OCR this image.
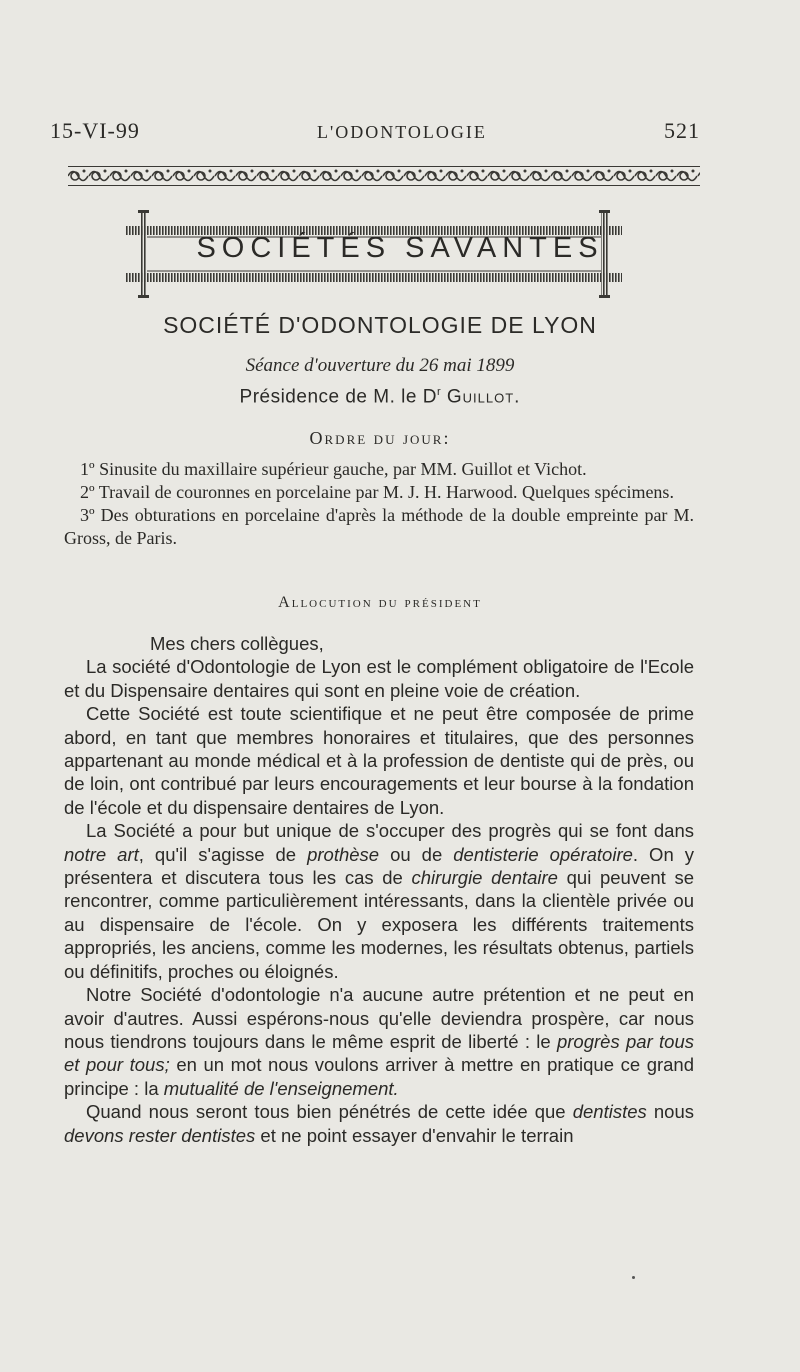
15-VI-99	L'ODONTOLOGIE	521
SOCIÉTÉS SAVANTES
SOCIÉTÉ D'ODONTOLOGIE DE LYON
Séance d'ouverture du 26 mai 1899
Présidence de M. le $D^r$ Guillot.
Ordre du jour:

1º Sinusite du maxillaire supérieur gauche, par MM. Guillot et Vichot.

2º Travail de couronnes en porcelaine par M. J. H. Harwood. Quelques spécimens.

3º Des obturations en porcelaine d'après la méthode de la double empreinte par M. Gross, de Paris.

Allocution du président

Mes chers collègues,

La société d'Odontologie de Lyon est le complément obligatoire de l'Ecole et du Dispensaire dentaires qui sont en pleine voie de création.

Cette Société est toute scientifique et ne peut être composée de prime abord, en tant que membres honoraires et titulaires, que des personnes appartenant au monde médical et à la profession de dentiste qui de près, ou de loin, ont contribué par leurs encouragements et leur bourse à la fondation de l'école et du dispensaire dentaires de Lyon.

La Société a pour but unique de s'occuper des progrès qui se font dans notre art, qu'il s'agisse de prothèse ou de dentisterie opératoire. On y présentera et discutera tous les cas de chirurgie dentaire qui peuvent se rencontrer, comme particulièrement intéressants, dans la clientèle privée ou au dispensaire de l'école. On y exposera les différents traitements appropriés, les anciens, comme les modernes, les résultats obtenus, partiels ou définitifs, proches ou éloignés.

Notre Société d'odontologie n'a aucune autre prétention et ne peut en avoir d'autres. Aussi espérons-nous qu'elle deviendra prospère, car nous nous tiendrons toujours dans le même esprit de liberté : le progrès par tous et pour tous; en un mot nous voulons arriver à mettre en pratique ce grand principe : la mutualité de l'enseignement.

Quand nous seront tous bien pénétrés de cette idée que dentistes nous devons rester dentistes et ne point essayer d'envahir le terrain
